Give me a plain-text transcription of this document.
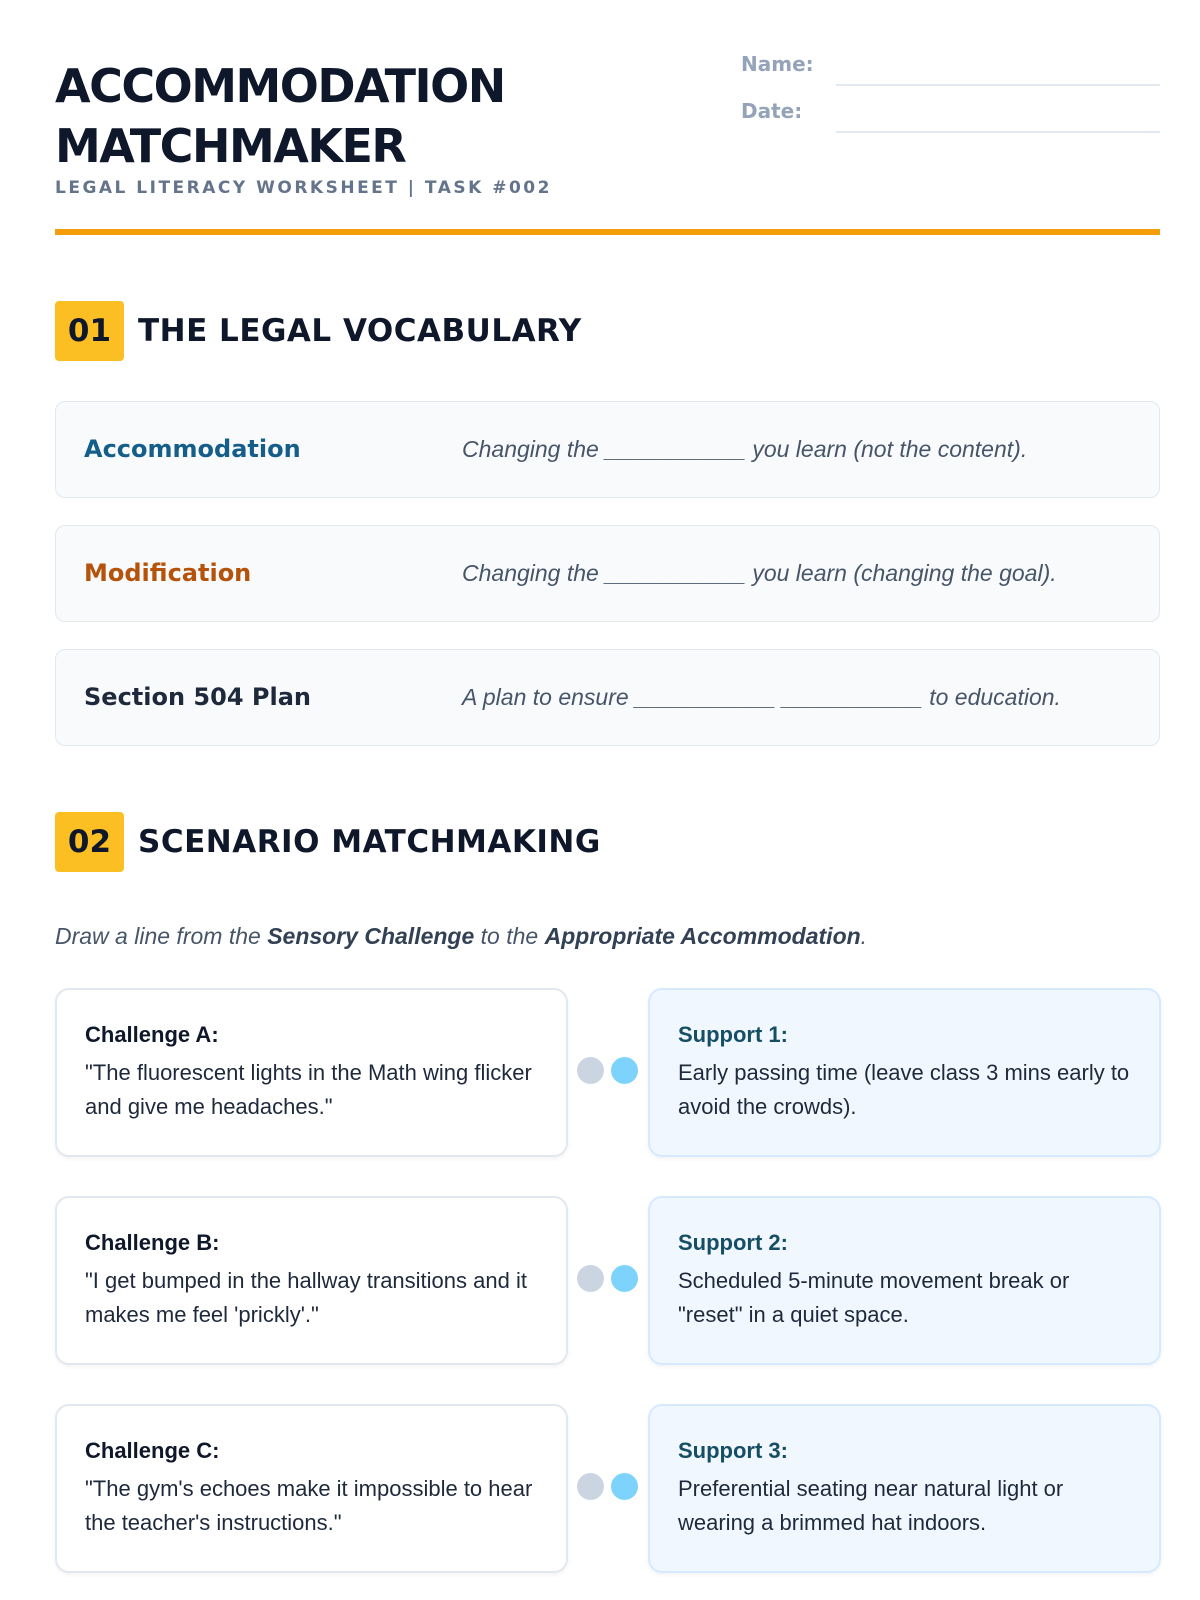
ACCOMMODATION
MATCHMAKER
LEGAL LITERACY WORKSHEET | TASK #002
Name:
Date:
01 THE LEGAL VOCABULARY
Accommodation	Changing the ___________ you learn (not the content).
Modification	Changing the ___________ you learn (changing the goal).
Section 504 Plan	A plan to ensure ___________ ___________ to education.
02 SCENARIO MATCHMAKING
Draw a line from the Sensory Challenge to the Appropriate Accommodation.
Challenge A:
"The fluorescent lights in the Math wing flicker and give me headaches."
Support 1:
Early passing time (leave class 3 mins early to avoid the crowds).
Challenge B:
"I get bumped in the hallway transitions and it makes me feel 'prickly'."
Support 2:
Scheduled 5-minute movement break or "reset" in a quiet space.
Challenge C:
"The gym's echoes make it impossible to hear the teacher's instructions."
Support 3:
Preferential seating near natural light or wearing a brimmed hat indoors.
